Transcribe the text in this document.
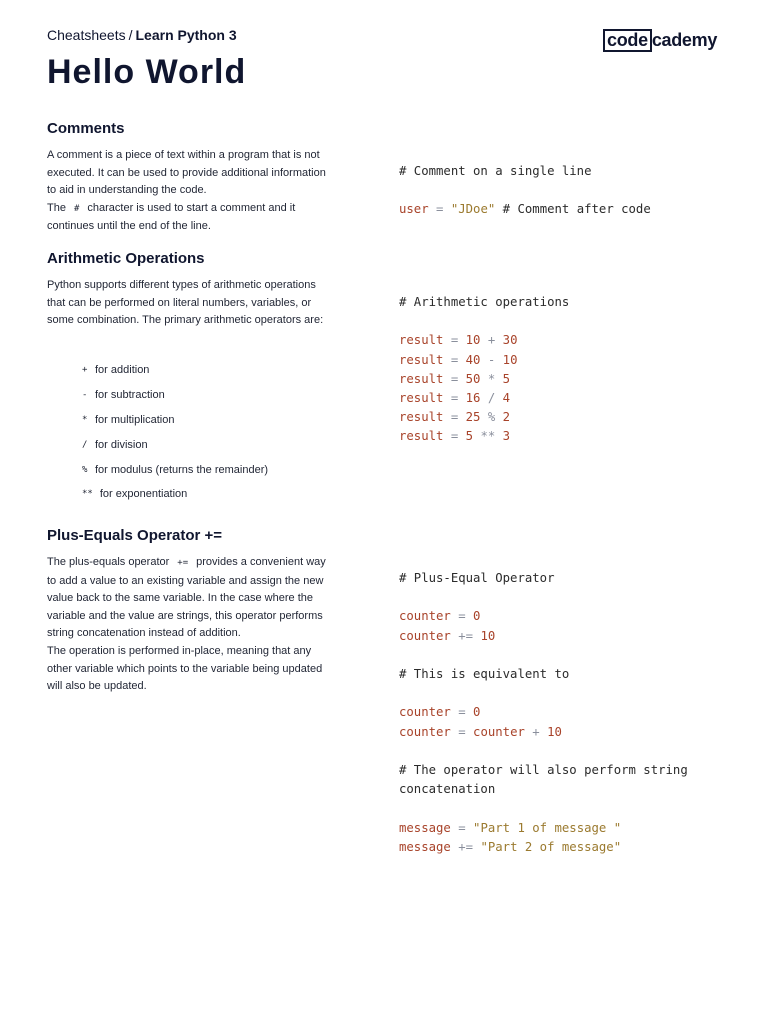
Cheatsheets / Learn Python 3
Hello World
code cademy
Comments

A comment is a piece of text within a program that is not executed. It can be used to provide additional information to aid in understanding the code.

The # character is used to start a comment and it continues until the end of the line.

# Comment on a single line

user = "JDoe" # Comment after code
Arithmetic Operations

Python supports different types of arithmetic operations that can be performed on literal numbers, variables, or some combination. The primary arithmetic operators are:

+ for addition
- for subtraction
* for multiplication
/ for division
% for modulus (returns the remainder)
** for exponentiation
# Arithmetic operations

result = 10 + 30
result = 40 - 10
result = 50 * 5
result = 16 / 4
result = 25 % 2
result = 5 ** 3
Plus-Equals Operator +=

The plus-equals operator += provides a convenient way to add a value to an existing variable and assign the new value back to the same variable. In the case where the variable and the value are strings, this operator performs string concatenation instead of addition.

The operation is performed in-place, meaning that any other variable which points to the variable being updated will also be updated.

# Plus-Equal Operator

counter = 0
counter += 10

# This is equivalent to

counter = 0
counter = counter + 10

# The operator will also perform string
concatenation

message = "Part 1 of message "
message += "Part 2 of message"
